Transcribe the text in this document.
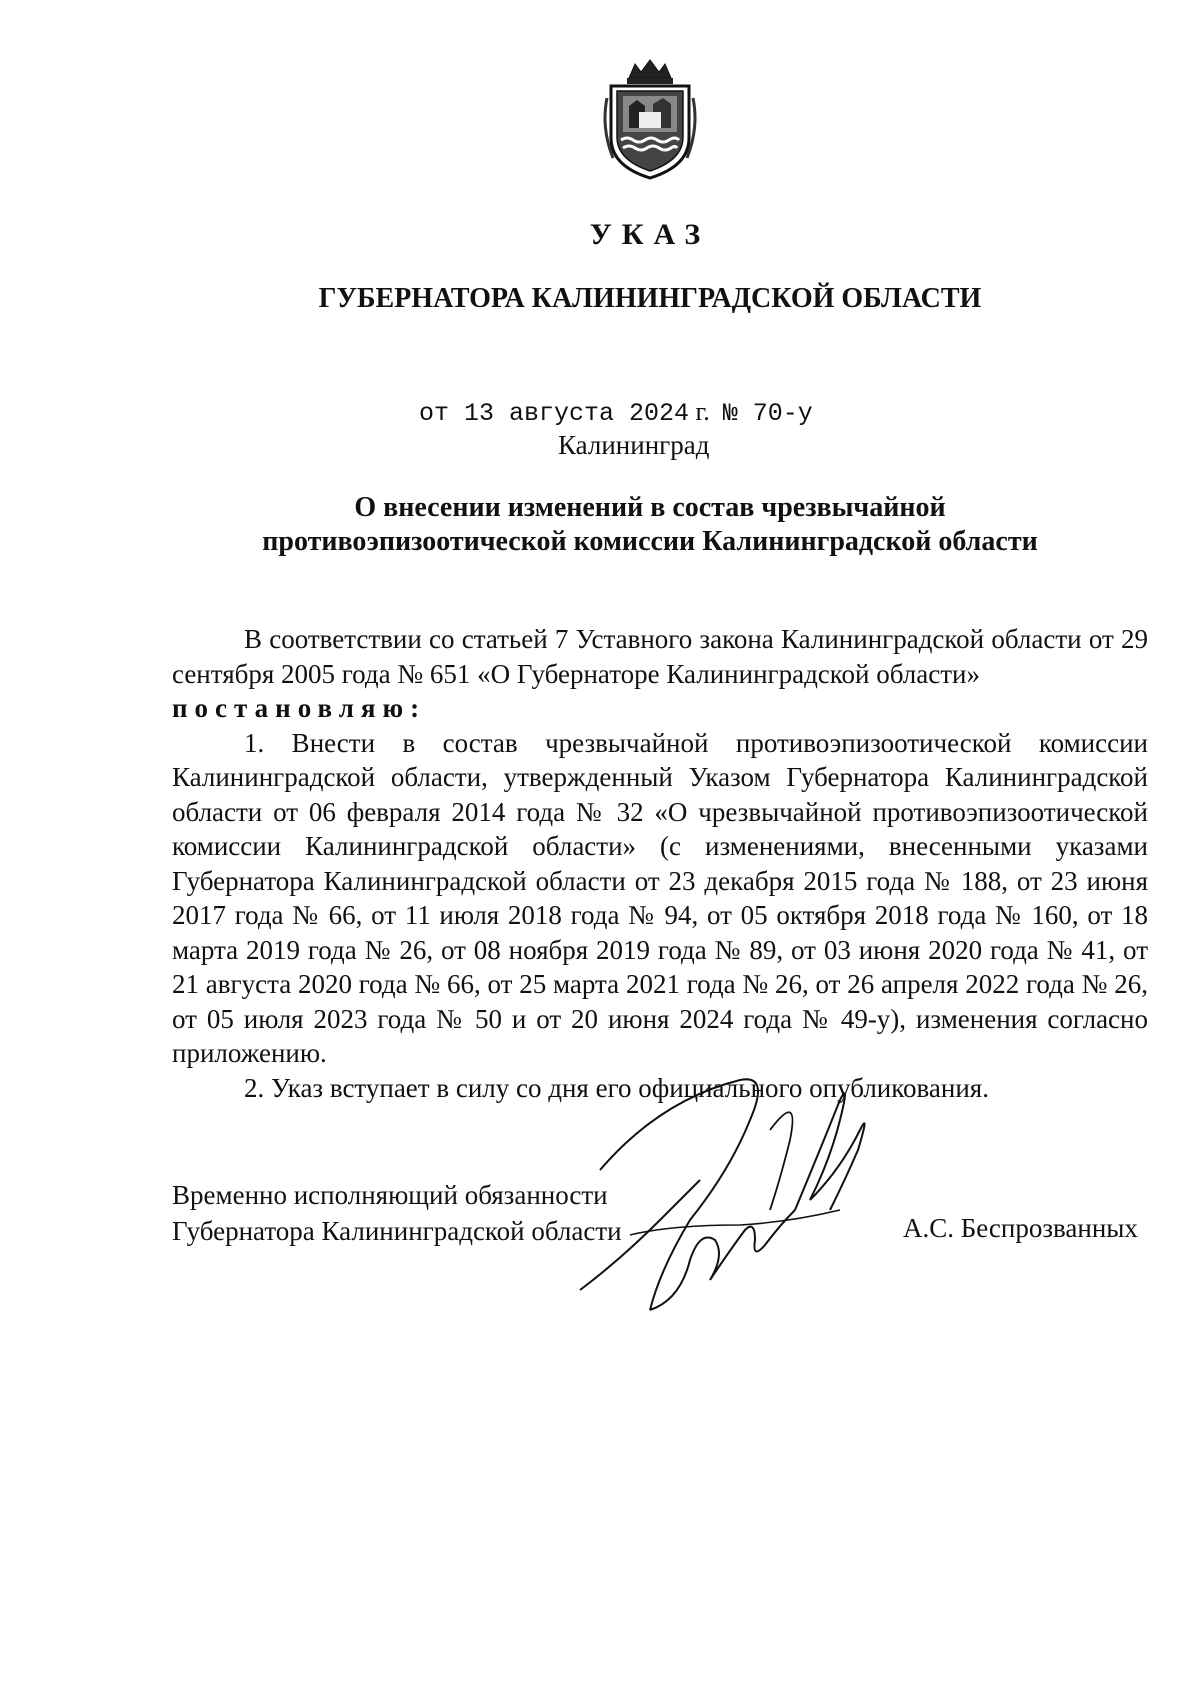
УКАЗ
ГУБЕРНАТОРА КАЛИНИНГРАДСКОЙ ОБЛАСТИ
от 13 августа 2024 г. № 70-у
Калининград
О внесении изменений в состав чрезвычайной
противоэпизоотической комиссии Калининградской области

В соответствии со статьей 7 Уставного закона Калининградской области от 29 сентября 2005 года № 651 «О Губернаторе Калининградской области»

постановляю:

1. Внести в состав чрезвычайной противоэпизоотической комиссии Калининградской области, утвержденный Указом Губернатора Калининградской области от 06 февраля 2014 года № 32 «О чрезвычайной противоэпизоотической комиссии Калининградской области» (с изменениями, внесенными указами Губернатора Калининградской области от 23 декабря 2015 года № 188, от 23 июня 2017 года № 66, от 11 июля 2018 года № 94, от 05 октября 2018 года № 160, от 18 марта 2019 года № 26, от 08 ноября 2019 года № 89, от 03 июня 2020 года № 41, от 21 августа 2020 года № 66, от 25 марта 2021 года № 26, от 26 апреля 2022 года № 26, от 05 июля 2023 года № 50 и от 20 июня 2024 года № 49-у), изменения согласно приложению.

2. Указ вступает в силу со дня его официального опубликования.

Временно исполняющий обязанности
Губернатора Калининградской области	А.С. Беспрозванных
